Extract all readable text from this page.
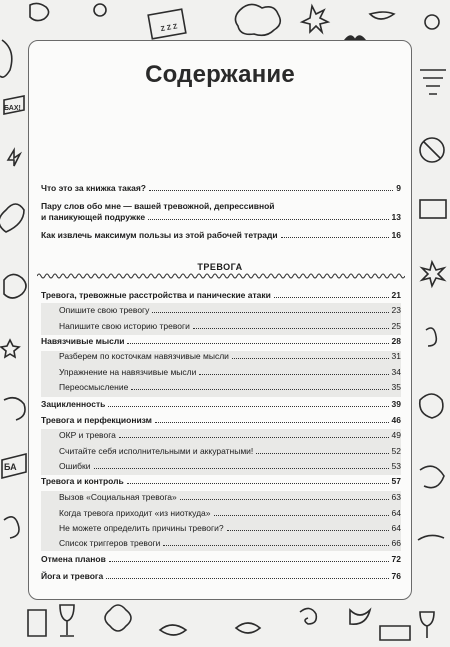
Z Z Z
БАХ!
БА
Содержание
Что это за книжка такая?	9
Пару слов обо мне — вашей тревожной, депрессивной
и паникующей подружке	13
Как извлечь максимум пользы из этой рабочей тетради	16
ТРЕВОГА
Тревога, тревожные расстройства и панические атаки	21
Опишите свою тревогу	23
Напишите свою историю тревоги	25
Навязчивые мысли	28
Разберем по косточкам навязчивые мысли	31
Упражнение на навязчивые мысли	34
Переосмысление	35
Зацикленность	39
Тревога и перфекционизм	46
ОКР и тревога	49
Считайте себя исполнительными и аккуратными!	52
Ошибки	53
Тревога и контроль	57
Вызов «Социальная тревога»	63
Когда тревога приходит «из ниоткуда»	64
Не можете определить причины тревоги?	64
Список триггеров тревоги	66
Отмена планов	72
Йога и тревога	76
